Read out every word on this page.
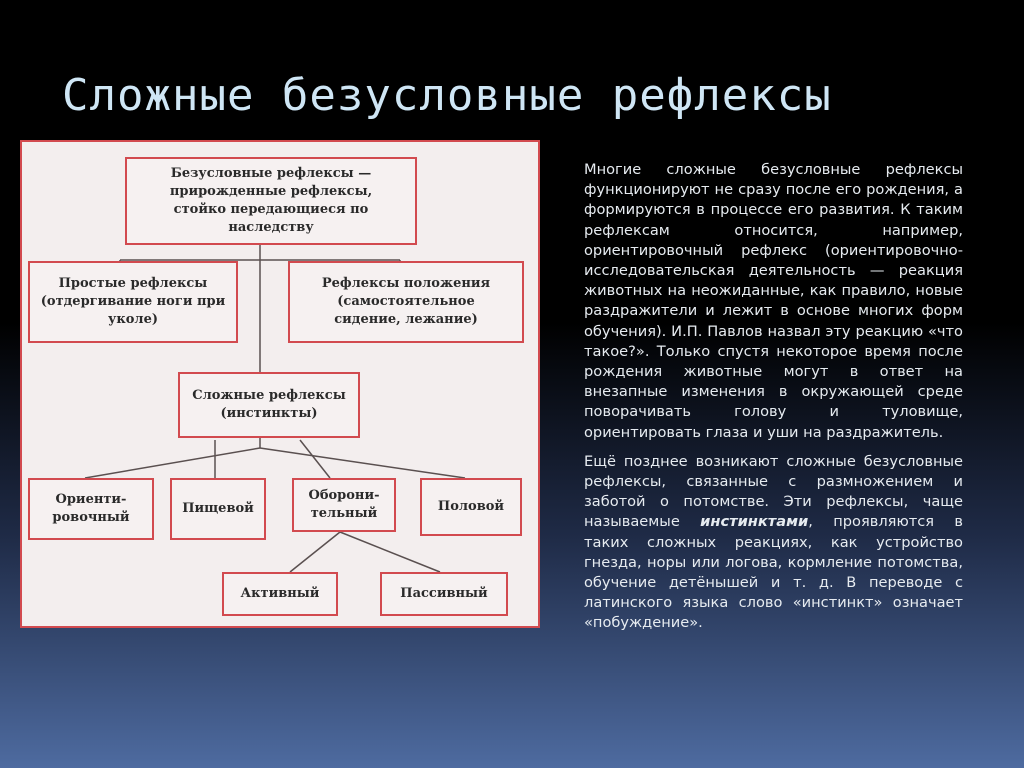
Сложные безусловные рефлексы
Безусловные рефлексы —
прирожденные рефлексы,
стойко передающиеся по
наследству
Простые рефлексы
(отдергивание ноги при
уколе)
Рефлексы положения
(самостоятельное
сидение, лежание)
Сложные рефлексы
(инстинкты)
Ориенти-
ровочный
Пищевой
Оборони-
тельный	Половой
Активный	Пассивный

Многие сложные безусловные рефлексы функционируют не сразу после его рождения, а формируются в процессе его развития. К таким рефлексам относится, например, ориентировочный рефлекс (ориентировочно-исследовательская деятельность — реакция животных на неожиданные, как правило, новые раздражители и лежит в основе многих форм обучения). И.П. Павлов назвал эту реакцию «что такое?». Только спустя некоторое время после рождения животные могут в ответ на внезапные изменения в окружающей среде поворачивать голову и туловище, ориентировать глаза и уши на раздражитель.

Ещё позднее возникают сложные безусловные рефлексы, связанные с размножением и заботой о потомстве. Эти рефлексы, чаще называемые инстинктами, проявляются в таких сложных реакциях, как устройство гнезда, норы или логова, кормление потомства, обучение детёнышей и т. д. В переводе с латинского языка слово «инстинкт» означает «побуждение».
